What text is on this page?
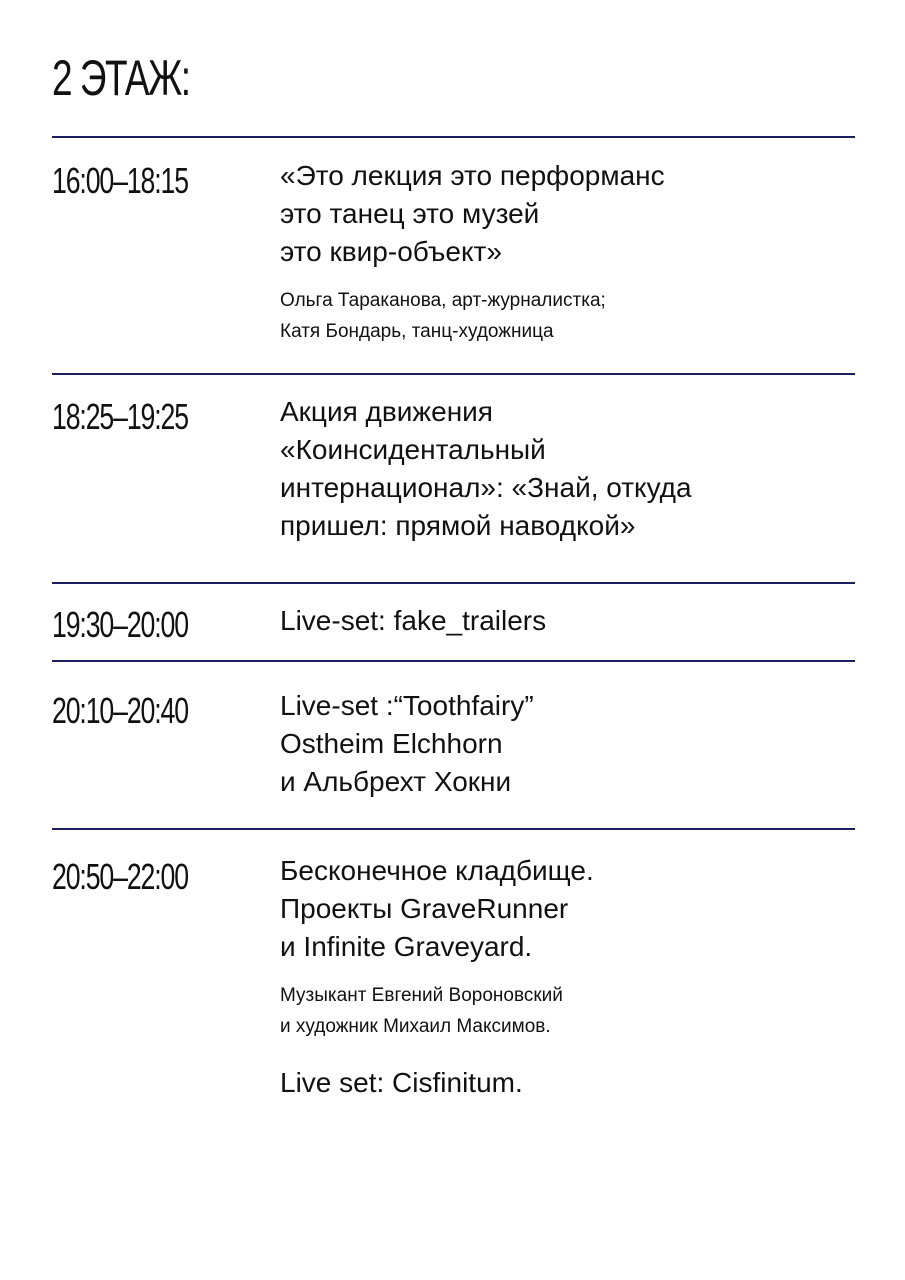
2 ЭТАЖ:
16:00–18:15	«Это лекция это перформанс
это танец это музей
это квир-объект»

Ольга Тараканова, арт-журналистка;
Катя Бондарь, танц-художница

18:25–19:25	Акция движения
«Коинсидентальный
интернационал»: «Знай, откуда
пришел: прямой наводкой»
19:30–20:00	Live-set: fake_trailers
20:10–20:40	Live-set :“Toothfairy”
Ostheim Elchhorn
и Альбрехт Хокни
20:50–22:00	Бесконечное кладбище.
Проекты GraveRunner
и Infinite Graveyard.

Музыкант Евгений Вороновский
и художник Михаил Максимов.

Live set: Cisfinitum.
